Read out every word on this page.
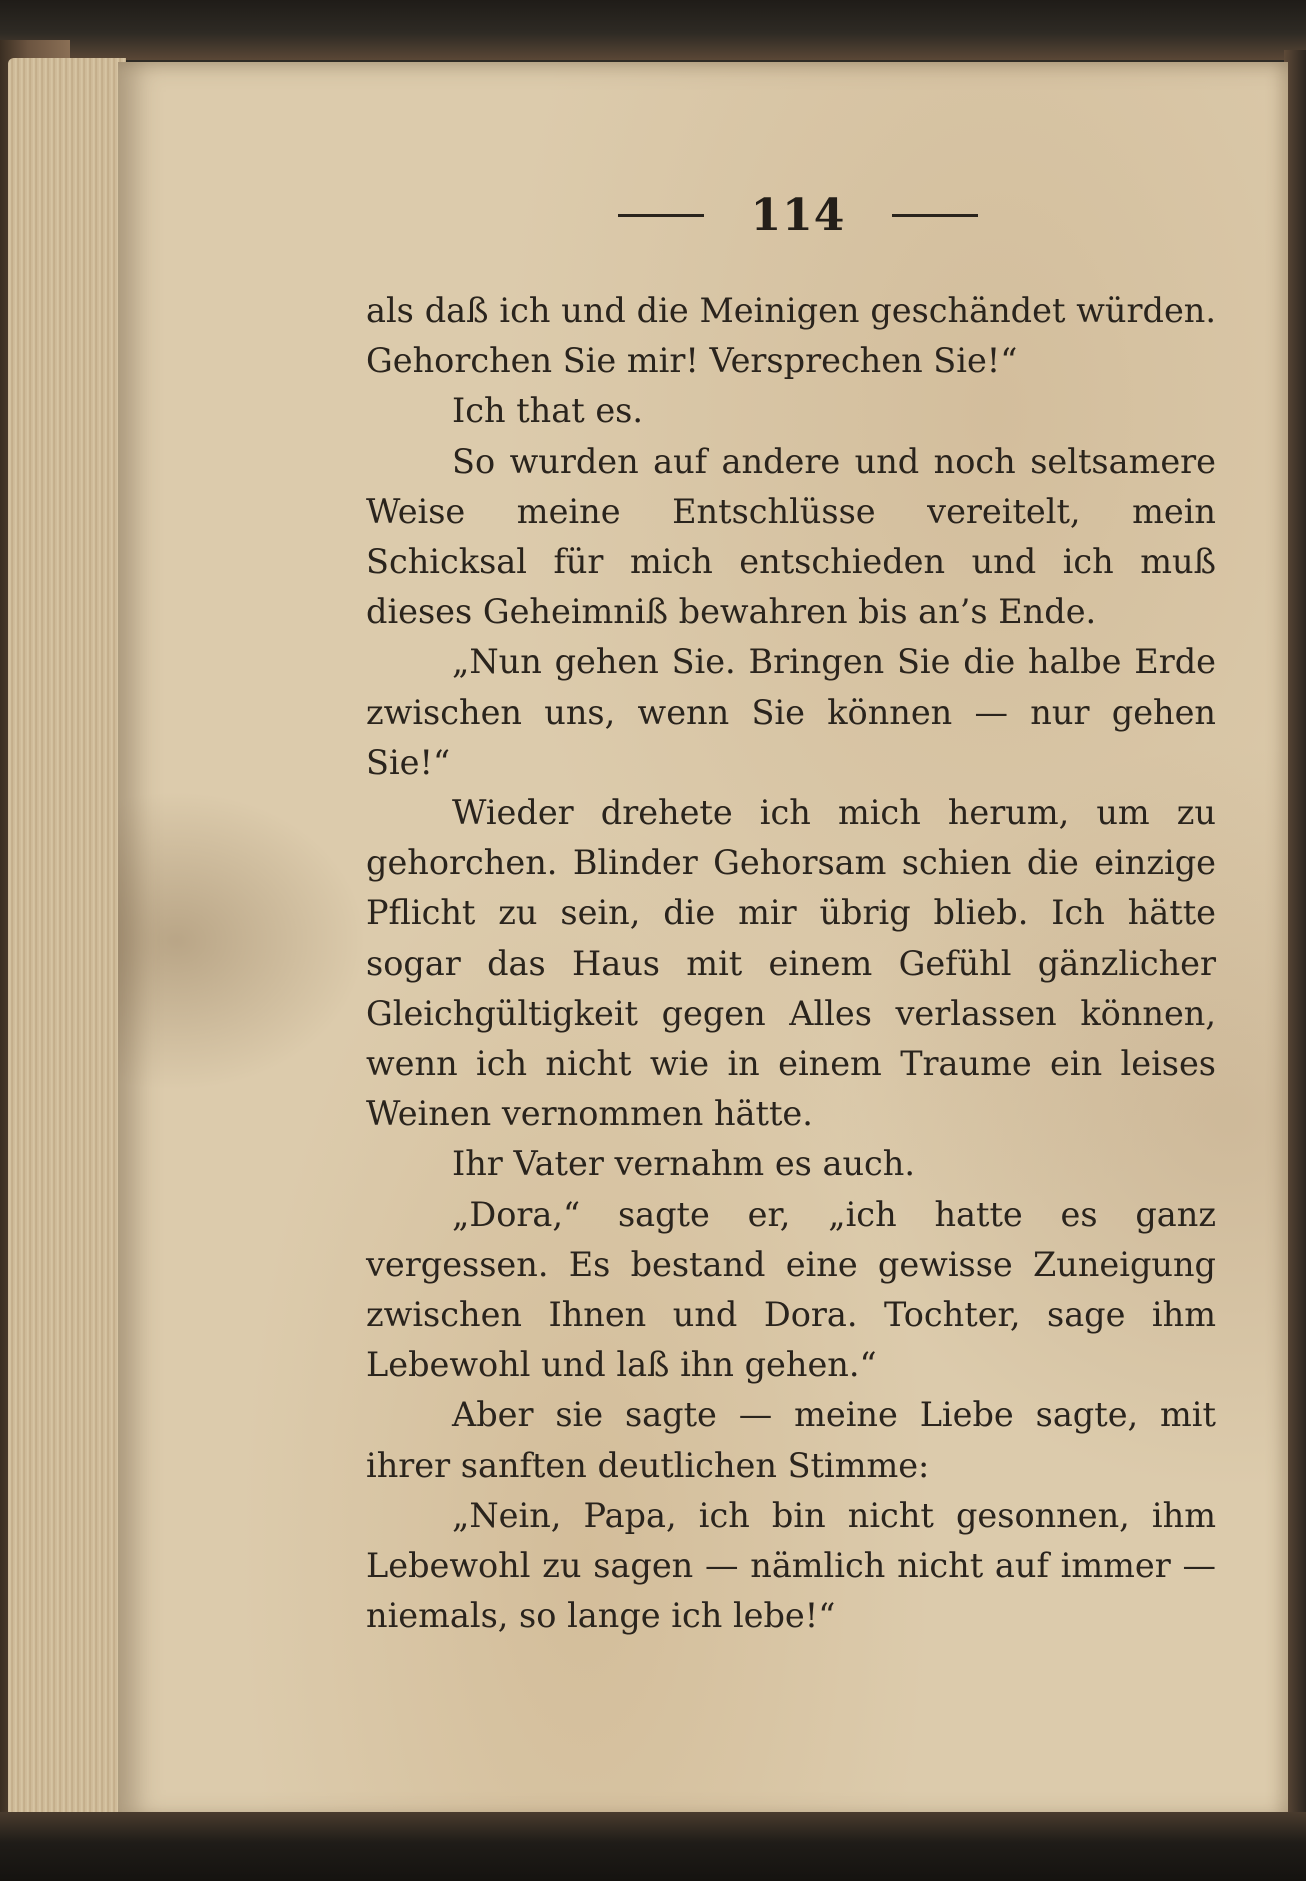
114

als daß ich und die Meinigen geschändet würden. Gehorchen Sie mir! Versprechen Sie!“

Ich that es.

So wurden auf andere und noch seltsamere Weise meine Entschlüsse vereitelt, mein Schicksal für mich entschieden und ich muß dieses Geheimniß bewahren bis an’s Ende.

„Nun gehen Sie. Bringen Sie die halbe Erde zwischen uns, wenn Sie können — nur gehen Sie!“

Wieder drehete ich mich herum, um zu gehorchen. Blinder Gehorsam schien die einzige Pflicht zu sein, die mir übrig blieb. Ich hätte sogar das Haus mit einem Gefühl gänzlicher Gleichgültigkeit gegen Alles verlassen können, wenn ich nicht wie in einem Traume ein leises Weinen vernommen hätte.

Ihr Vater vernahm es auch.

„Dora,“ sagte er, „ich hatte es ganz vergessen. Es bestand eine gewisse Zuneigung zwischen Ihnen und Dora. Tochter, sage ihm Lebewohl und laß ihn gehen.“

Aber sie sagte — meine Liebe sagte, mit ihrer sanften deutlichen Stimme:

„Nein, Papa, ich bin nicht gesonnen, ihm Lebewohl zu sagen — nämlich nicht auf immer — niemals, so lange ich lebe!“
